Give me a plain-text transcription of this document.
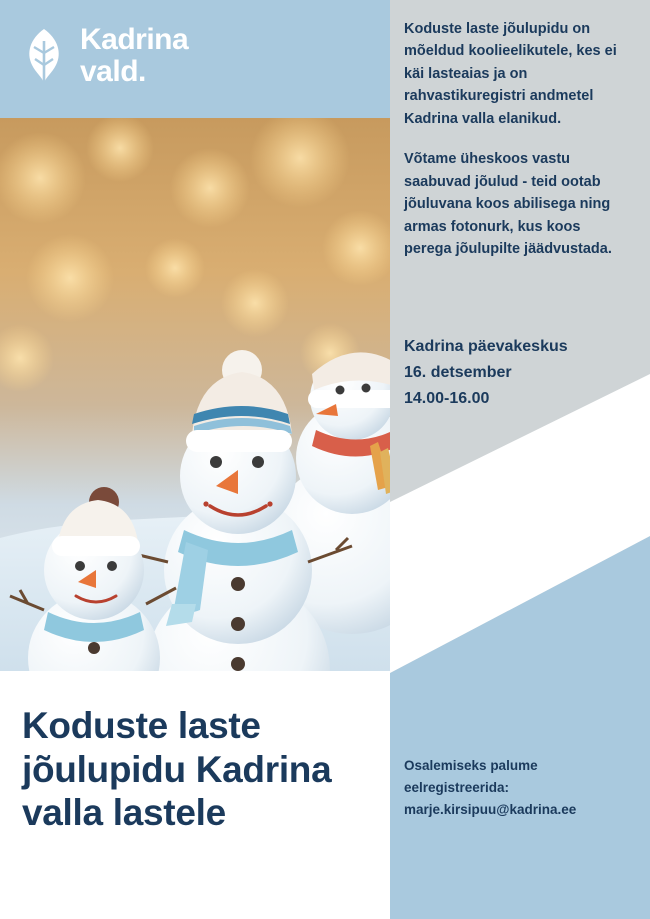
Kadrina
vald.
Koduste laste jõulupidu Kadrina valla lastele

Koduste laste jõulupidu on mõeldud koolieelikutele, kes ei käi lasteaias ja on rahvastikuregistri andmetel Kadrina valla elanikud.

Võtame üheskoos vastu saabuvad jõulud - teid ootab jõuluvana koos abilisega ning armas fotonurk, kus koos perega jõulupilte jäädvustada.

Kadrina päevakeskus
16. detsember
14.00-16.00
Osalemiseks palume
eelregistreerida:
marje.kirsipuu@kadrina.ee
